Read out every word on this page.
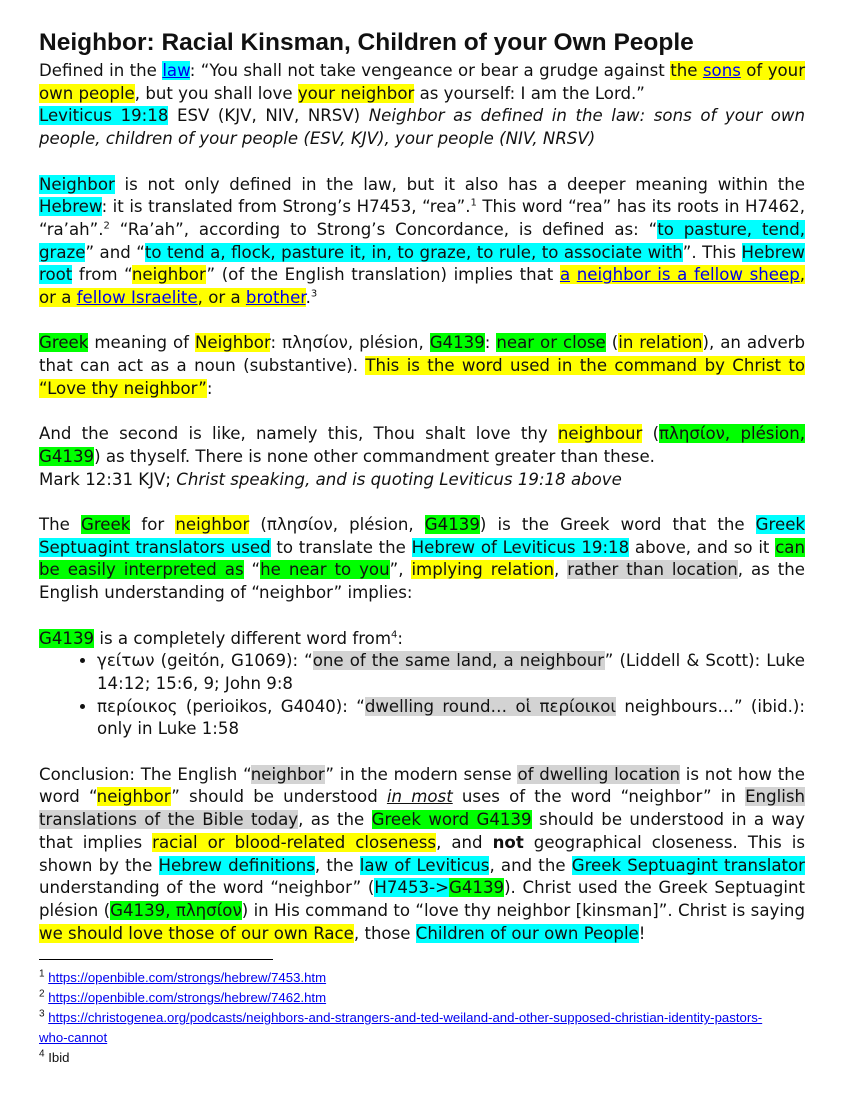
Neighbor: Racial Kinsman, Children of your Own People

Defined in the law: “You shall not take vengeance or bear a grudge against the sons of your own people, but you shall love your neighbor as yourself: I am the Lord.”
Leviticus 19:18 ESV (KJV, NIV, NRSV) Neighbor as defined in the law: sons of your own people, children of your people (ESV, KJV), your people (NIV, NRSV)

Neighbor is not only defined in the law, but it also has a deeper meaning within the Hebrew: it is translated from Strong’s H7453, “rea”.$^1$ This word “rea” has its roots in H7462, “ra’ah”.$^2$ “Ra’ah”, according to Strong’s Concordance, is defined as: “to pasture, tend, graze” and “to tend a, flock, pasture it, in, to graze, to rule, to associate with”. This Hebrew root from “neighbor” (of the English translation) implies that a neighbor is a fellow sheep, or a fellow Israelite, or a brother.$^3$

Greek meaning of Neighbor: πλησίον, plésion, G4139: near or close (in relation), an adverb that can act as a noun (substantive). This is the word used in the command by Christ to “Love thy neighbor”:

And the second is like, namely this, Thou shalt love thy neighbour (πλησίον, plésion, G4139) as thyself. There is none other commandment greater than these.
Mark 12:31 KJV; Christ speaking, and is quoting Leviticus 19:18 above

The Greek for neighbor (πλησίον, plésion, G4139) is the Greek word that the Greek Septuagint translators used to translate the Hebrew of Leviticus 19:18 above, and so it can be easily interpreted as “he near to you”, implying relation, rather than location, as the English understanding of “neighbor” implies:

G4139 is a completely different word from$^4$:

• γείτων (geitón, G1069): “one of the same land, a neighbour” (Liddell & Scott): Luke 14:12; 15:6, 9; John 9:8
• περίοικος (perioikos, G4040): “dwelling round… οἱ περίοικοι neighbours…” (ibid.): only in Luke 1:58

Conclusion: The English “neighbor” in the modern sense of dwelling location is not how the word “neighbor” should be understood in most uses of the word “neighbor” in English translations of the Bible today, as the Greek word G4139 should be understood in a way that implies racial or blood-related closeness, and not geographical closeness. This is shown by the Hebrew definitions, the law of Leviticus, and the Greek Septuagint translator understanding of the word “neighbor” (H7453->G4139). Christ used the Greek Septuagint plésion (G4139, πλησίον) in His command to “love thy neighbor [kinsman]”. Christ is saying we should love those of our own Race, those Children of our own People!

$^1$ https://openbible.com/strongs/hebrew/7453.htm
$^2$ https://openbible.com/strongs/hebrew/7462.htm
$^3$ https://christogenea.org/podcasts/neighbors-and-strangers-and-ted-weiland-and-other-supposed-christian-identity-pastors-who-cannot
$^4$ Ibid
